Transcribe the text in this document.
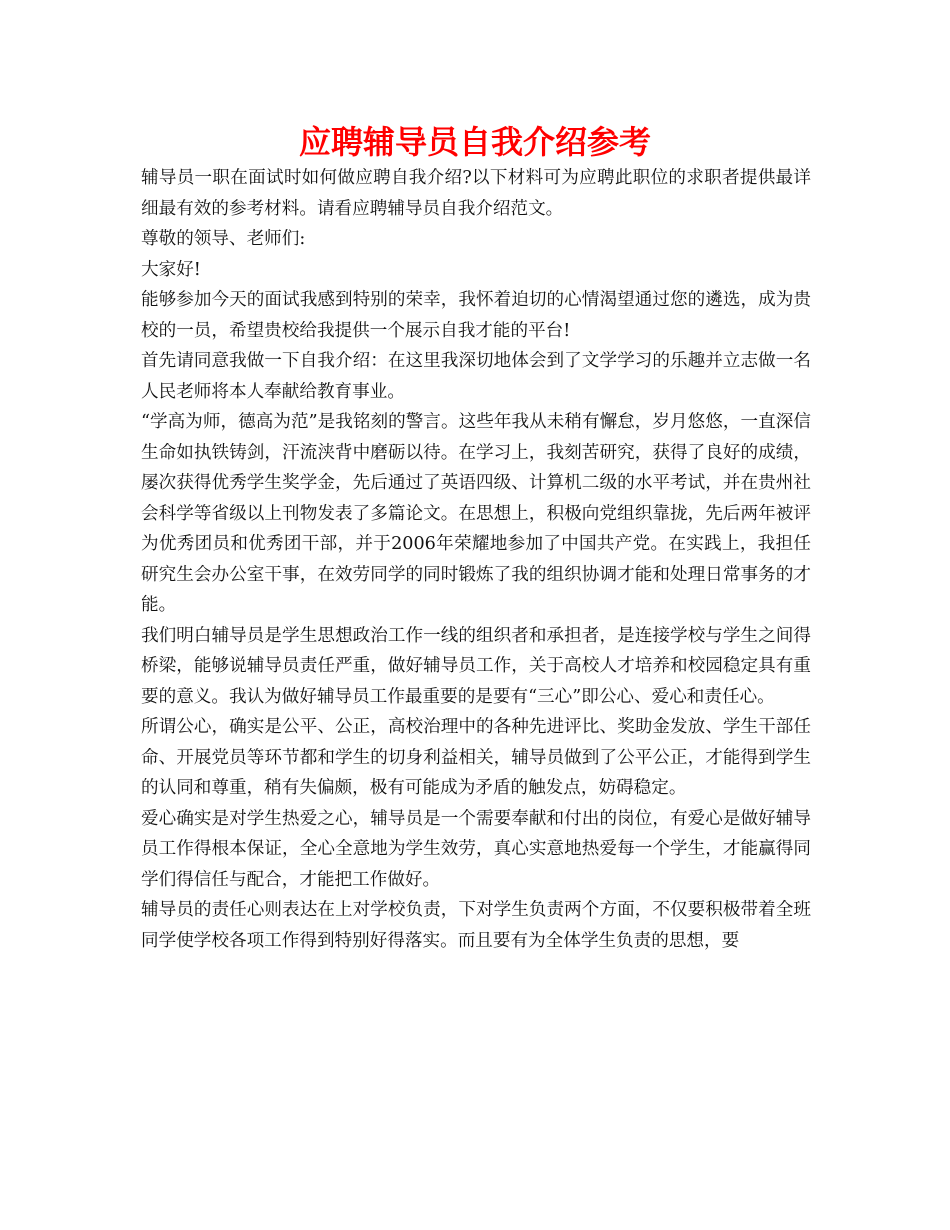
应聘辅导员自我介绍参考

辅导员一职在面试时如何做应聘自我介绍?以下材料可为应聘此职位的求职者提供最详细最有效的参考材料。请看应聘辅导员自我介绍范文。

尊敬的领导、老师们:

大家好!

能够参加今天的面试我感到特别的荣幸，我怀着迫切的心情渴望通过您的遴选，成为贵校的一员，希望贵校给我提供一个展示自我才能的平台!

首先请同意我做一下自我介绍：在这里我深切地体会到了文学学习的乐趣并立志做一名人民老师将本人奉献给教育事业。

“学高为师，德高为范”是我铭刻的警言。这些年我从未稍有懈怠，岁月悠悠，一直深信生命如执铁铸剑，汗流浃背中磨砺以待。在学习上，我刻苦研究，获得了良好的成绩，屡次获得优秀学生奖学金，先后通过了英语四级、计算机二级的水平考试，并在贵州社会科学等省级以上刊物发表了多篇论文。在思想上，积极向党组织靠拢，先后两年被评为优秀团员和优秀团干部，并于2006年荣耀地参加了中国共产党。在实践上，我担任研究生会办公室干事，在效劳同学的同时锻炼了我的组织协调才能和处理日常事务的才能。

我们明白辅导员是学生思想政治工作一线的组织者和承担者，是连接学校与学生之间得桥梁，能够说辅导员责任严重，做好辅导员工作，关于高校人才培养和校园稳定具有重要的意义。我认为做好辅导员工作最重要的是要有“三心”即公心、爱心和责任心。

所谓公心，确实是公平、公正，高校治理中的各种先进评比、奖助金发放、学生干部任命、开展党员等环节都和学生的切身利益相关，辅导员做到了公平公正，才能得到学生的认同和尊重，稍有失偏颇，极有可能成为矛盾的触发点，妨碍稳定。

爱心确实是对学生热爱之心，辅导员是一个需要奉献和付出的岗位，有爱心是做好辅导员工作得根本保证，全心全意地为学生效劳，真心实意地热爱每一个学生，才能赢得同学们得信任与配合，才能把工作做好。

辅导员的责任心则表达在上对学校负责，下对学生负责两个方面，不仅要积极带着全班同学使学校各项工作得到特别好得落实。而且要有为全体学生负责的思想，要
